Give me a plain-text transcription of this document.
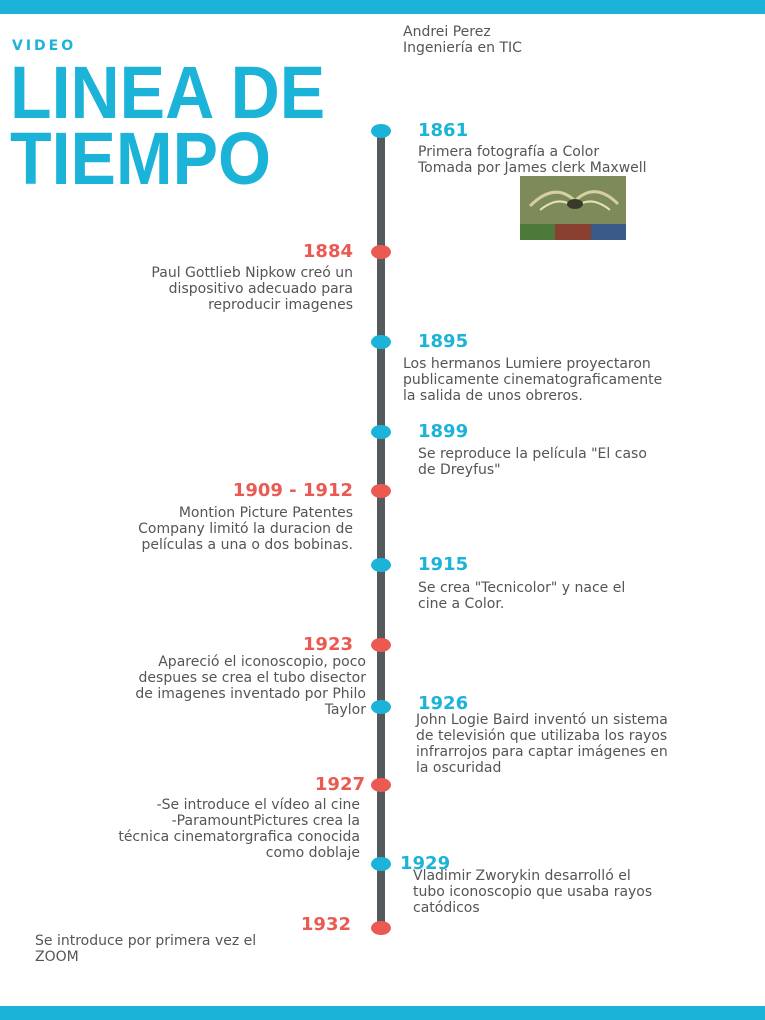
VIDEO
LINEA DE
TIEMPO
Andrei Perez
Ingeniería en TIC
1861
Primera fotografía a Color
Tomada por James clerk Maxwell
1884
Paul Gottlieb Nipkow creó un
dispositivo adecuado para
reproducir imagenes
1895
Los hermanos Lumiere proyectaron
publicamente cinematograficamente
la salida de unos obreros.
1899
Se reproduce la película "El caso
de Dreyfus"
1909 - 1912
Montion Picture Patentes
Company limitó la duracion de
películas a una o dos bobinas.
1915
Se crea "Tecnicolor" y nace el
cine a Color.
1923
Apareció el iconoscopio, poco
despues se crea el tubo disector
de imagenes inventado por Philo
Taylor	1926
John Logie Baird inventó un sistema
de televisión que utilizaba los rayos
infrarrojos para captar imágenes en
la oscuridad
1927
-Se introduce el vídeo al cine
-ParamountPictures crea la
técnica cinematorgrafica conocida
como doblaje 1929
Vladimir Zworykin desarrolló el
tubo iconoscopio que usaba rayos
catódicos
1932
Se introduce por primera vez el
ZOOM
